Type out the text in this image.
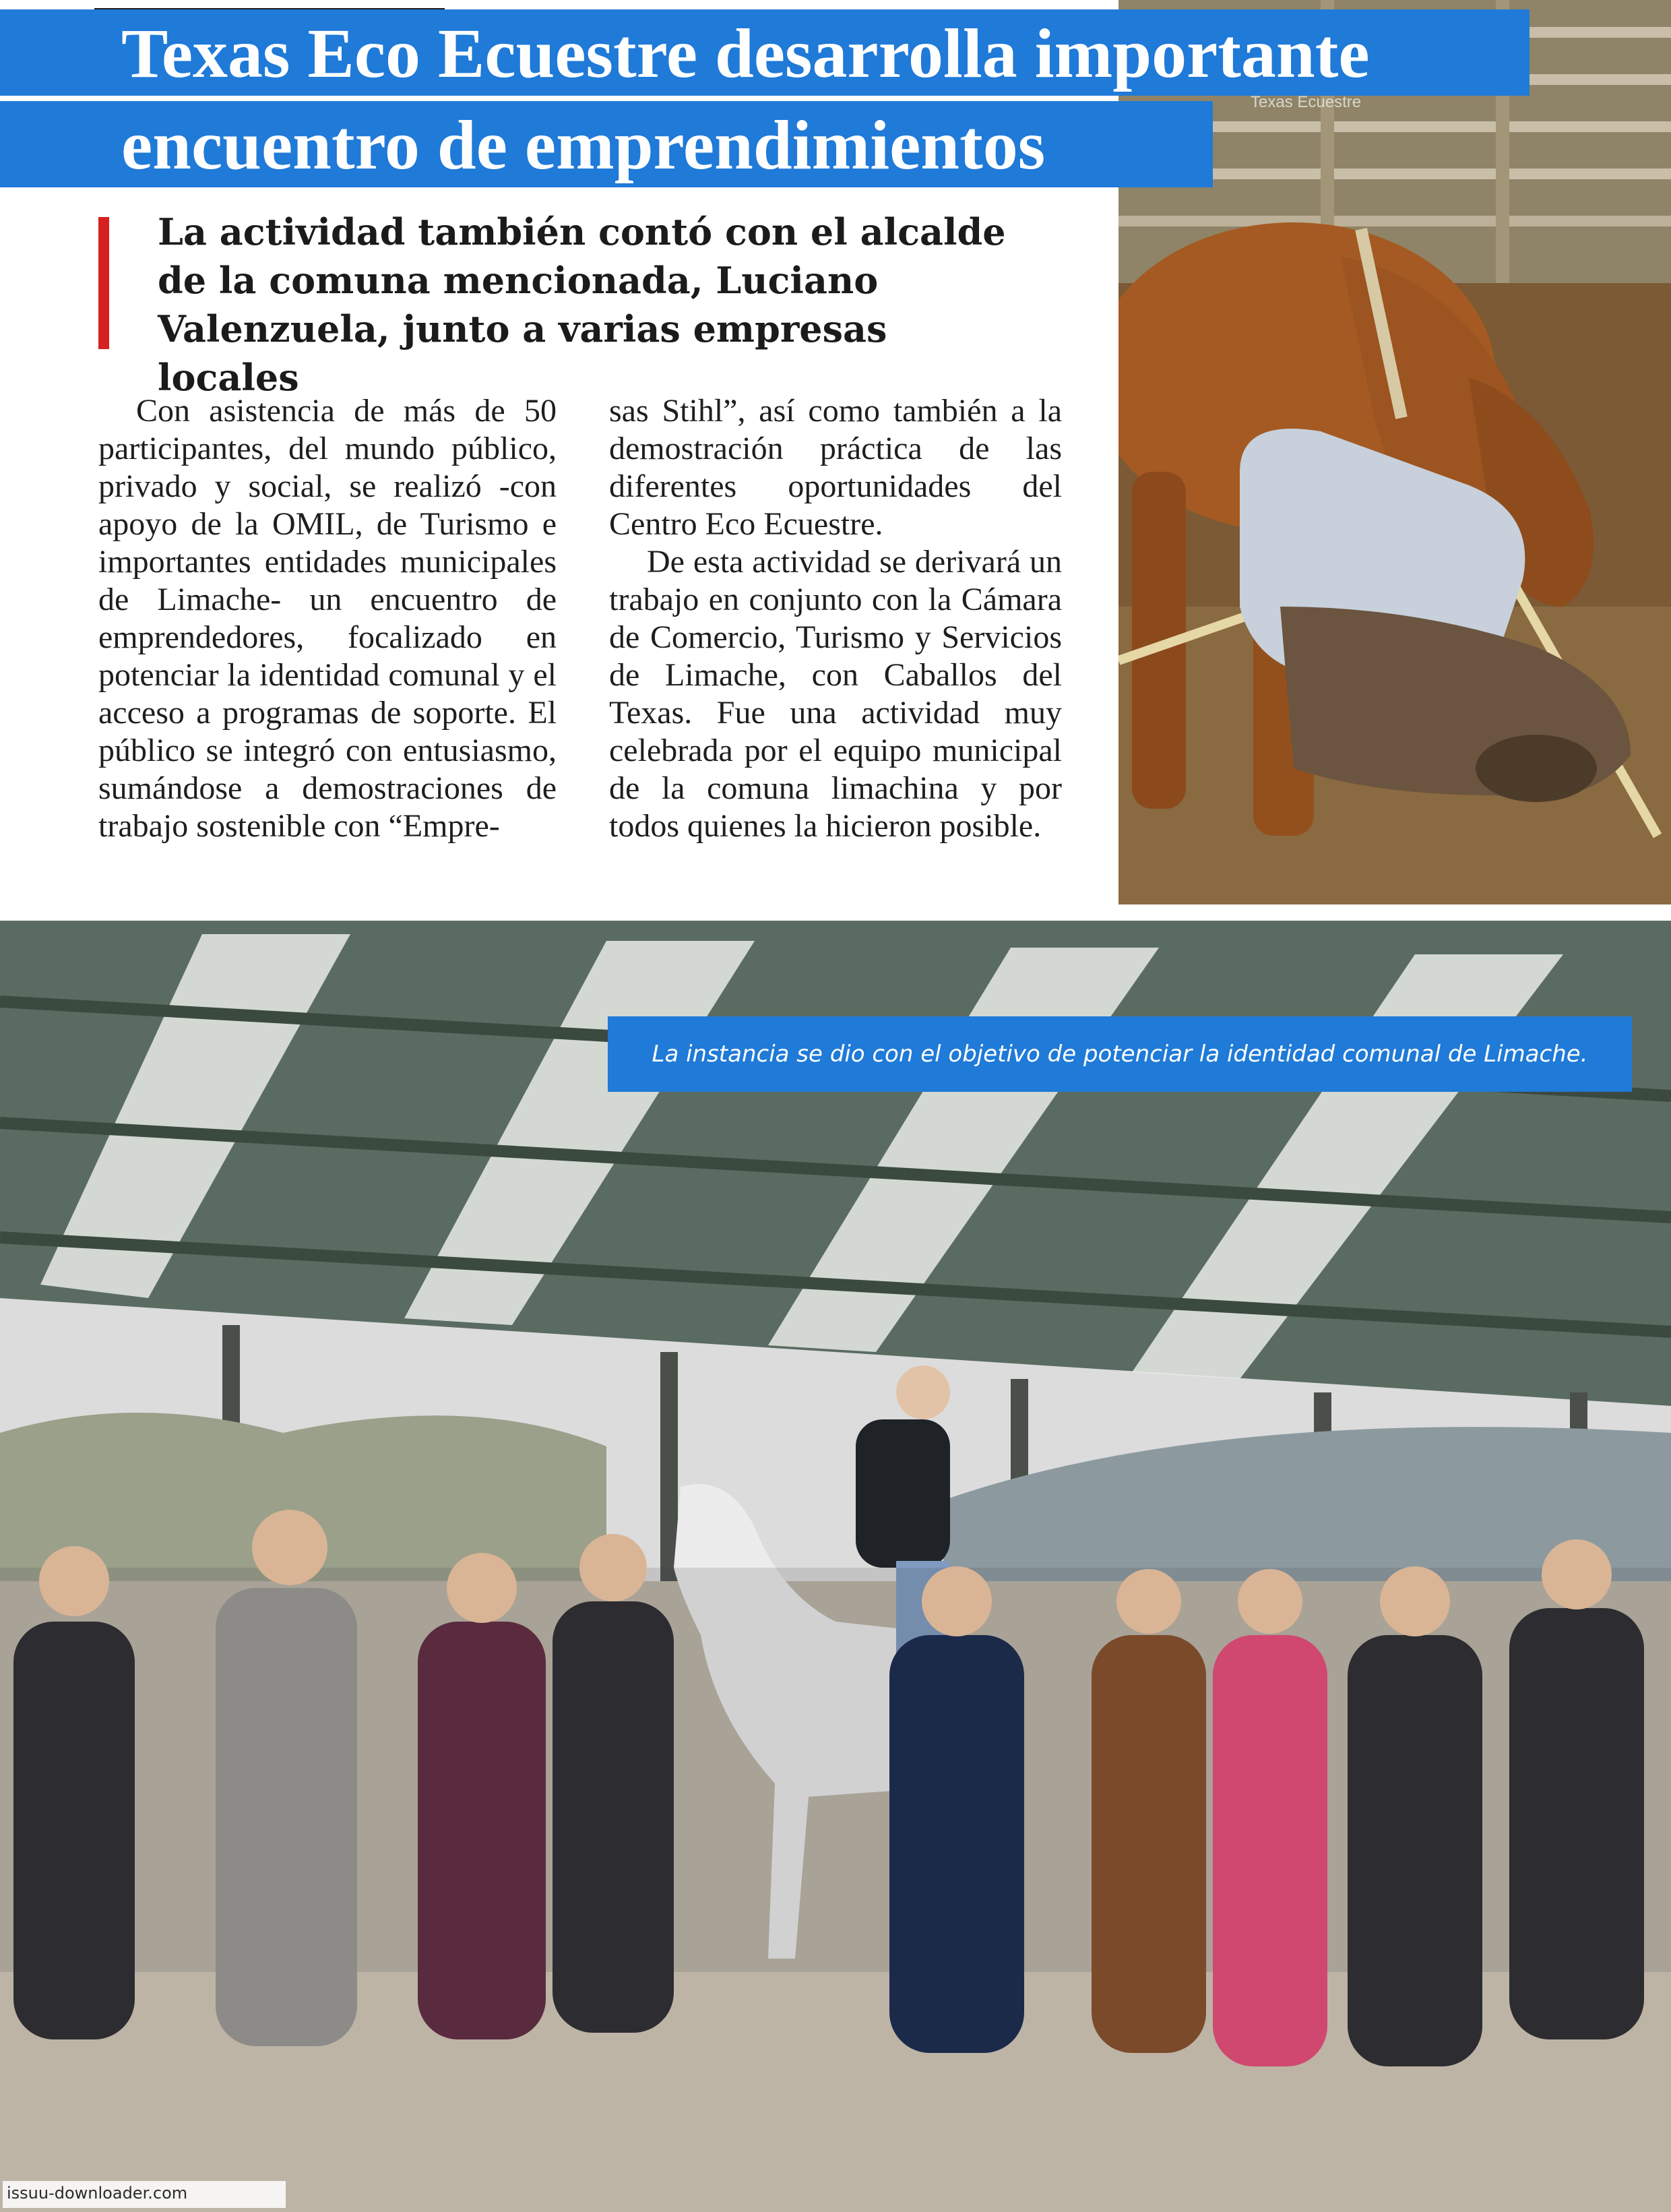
Texas Eco Ecuestre desarrolla importante
encuentro de emprendimientos
Texas Ecuestre
La actividad también contó con el alcalde de la comuna mencionada, Luciano Valenzuela, junto a varias empresas locales

Con asistencia de más de 50 participantes, del mundo público, privado y social, se realizó -con apoyo de la OMIL, de Turismo e importantes entidades municipales de Limache- un encuentro de emprendedores, focalizado en potenciar la identidad comunal y el acceso a programas de soporte. El público se integró con entusiasmo, sumándose a demostraciones de trabajo sostenible con “Empre-

sas Stihl”, así como también a la demostración práctica de las diferentes oportunidades del Centro Eco Ecuestre.

De esta actividad se derivará un trabajo en conjunto con la Cámara de Comercio, Turismo y Servicios de Limache, con Caballos del Texas. Fue una actividad muy celebrada por el equipo municipal de la comuna limachina y por todos quienes la hicieron posible.

La instancia se dio con el objetivo de potenciar la identidad comunal de Limache.
issuu-downloader.com
